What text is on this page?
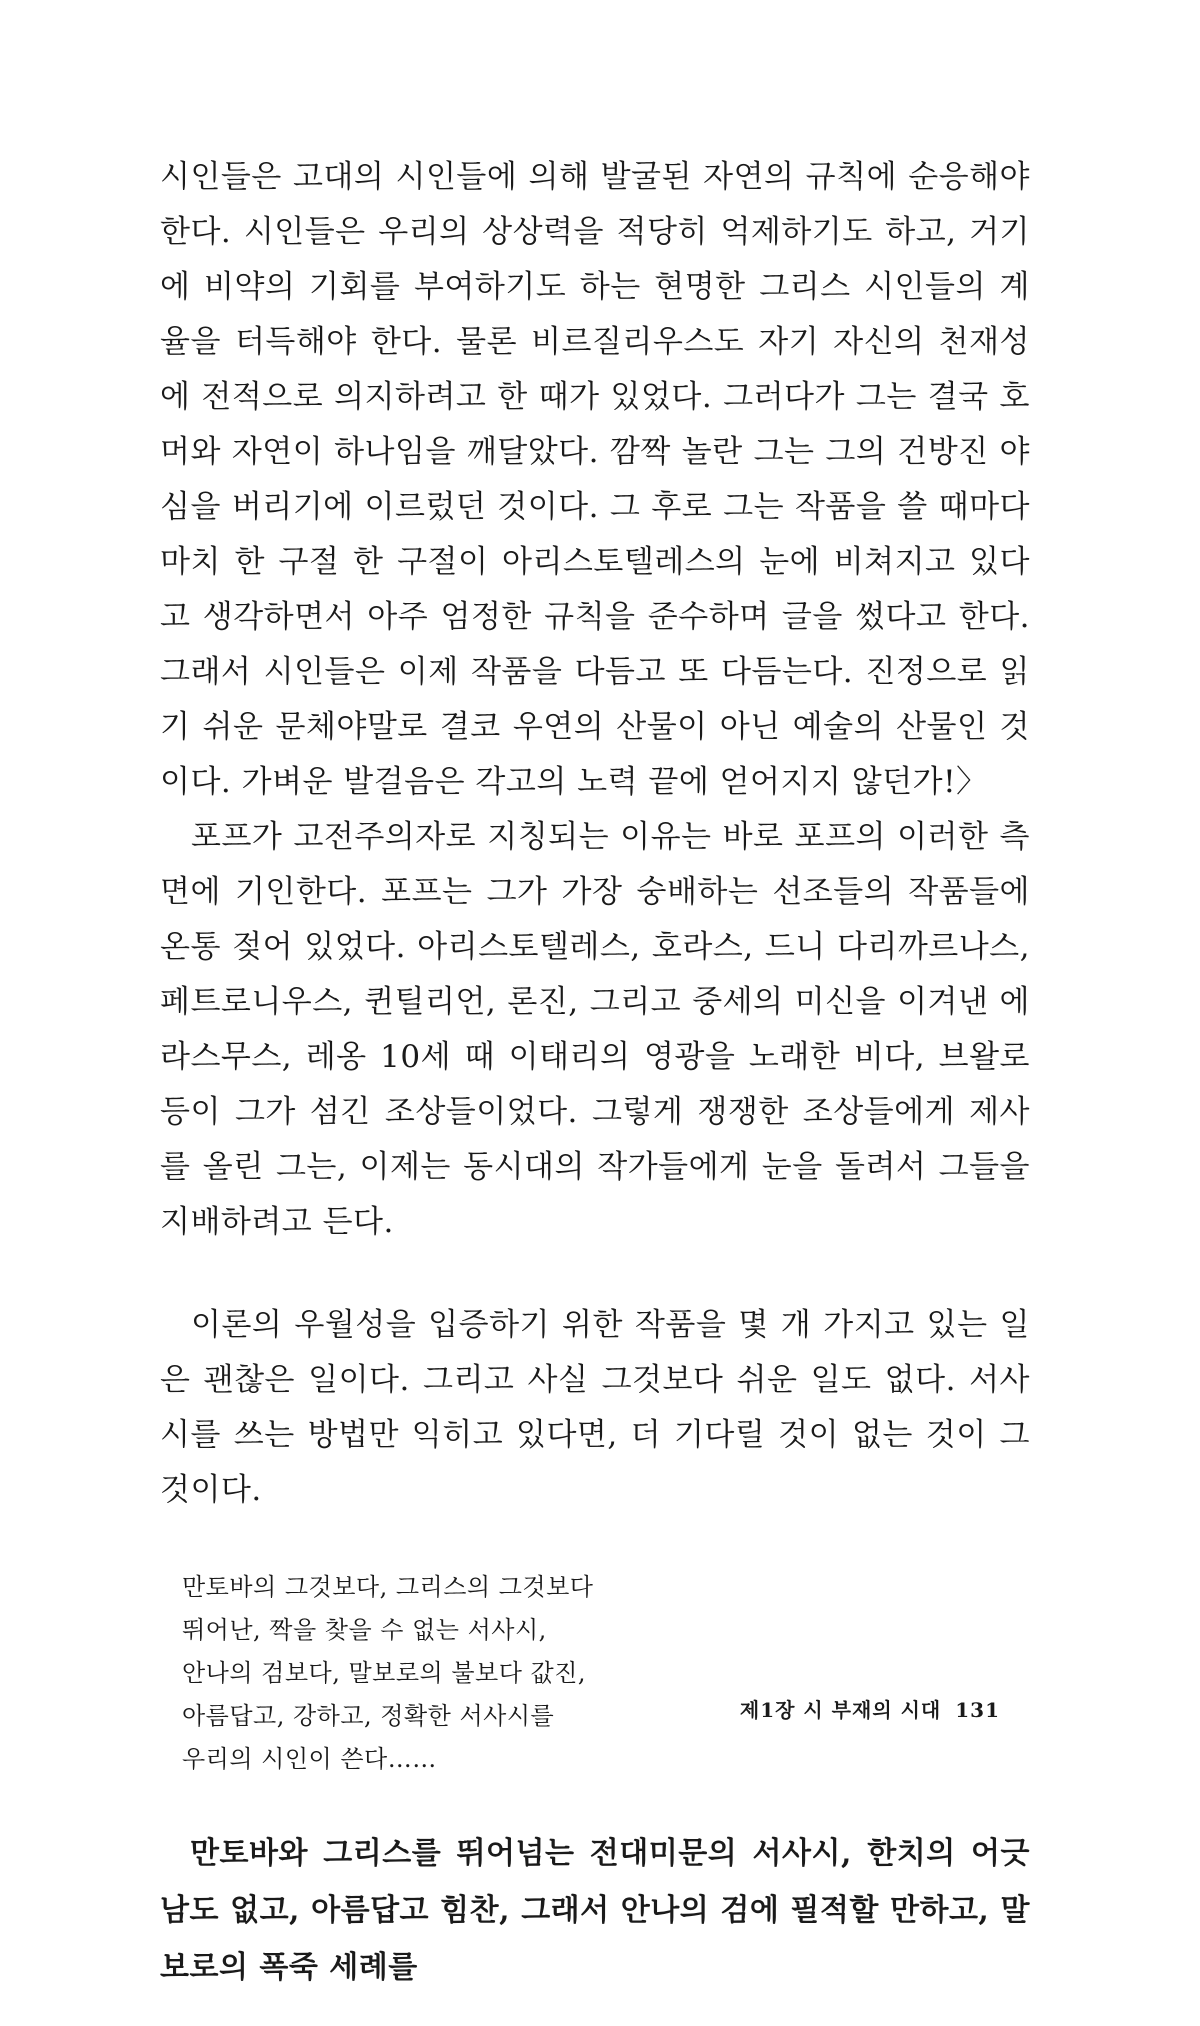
시인들은 고대의 시인들에 의해 발굴된 자연의 규칙에 순응해야 한다. 시인들은 우리의 상상력을 적당히 억제하기도 하고, 거기에 비약의 기회를 부여하기도 하는 현명한 그리스 시인들의 계율을 터득해야 한다. 물론 비르질리우스도 자기 자신의 천재성에 전적으로 의지하려고 한 때가 있었다. 그러다가 그는 결국 호머와 자연이 하나임을 깨달았다. 깜짝 놀란 그는 그의 건방진 야심을 버리기에 이르렀던 것이다. 그 후로 그는 작품을 쓸 때마다 마치 한 구절 한 구절이 아리스토텔레스의 눈에 비쳐지고 있다고 생각하면서 아주 엄정한 규칙을 준수하며 글을 썼다고 한다. 그래서 시인들은 이제 작품을 다듬고 또 다듬는다. 진정으로 읽기 쉬운 문체야말로 결코 우연의 산물이 아닌 예술의 산물인 것이다. 가벼운 발걸음은 각고의 노력 끝에 얻어지지 않던가!〉

포프가 고전주의자로 지칭되는 이유는 바로 포프의 이러한 측면에 기인한다. 포프는 그가 가장 숭배하는 선조들의 작품들에 온통 젖어 있었다. 아리스토텔레스, 호라스, 드니 다리까르나스, 페트로니우스, 퀸틸리언, 론진, 그리고 중세의 미신을 이겨낸 에라스무스, 레옹 10세 때 이태리의 영광을 노래한 비다, 브왈로 등이 그가 섬긴 조상들이었다. 그렇게 쟁쟁한 조상들에게 제사를 올린 그는, 이제는 동시대의 작가들에게 눈을 돌려서 그들을 지배하려고 든다.

이론의 우월성을 입증하기 위한 작품을 몇 개 가지고 있는 일은 괜찮은 일이다. 그리고 사실 그것보다 쉬운 일도 없다. 서사시를 쓰는 방법만 익히고 있다면, 더 기다릴 것이 없는 것이 그것이다.

만토바의 그것보다, 그리스의 그것보다
뛰어난, 짝을 찾을 수 없는 서사시,
안나의 검보다, 말보로의 불보다 값진,
아름답고, 강하고, 정확한 서사시를
우리의 시인이 쓴다……

만토바와 그리스를 뛰어넘는 전대미문의 서사시, 한치의 어긋남도 없고, 아름답고 힘찬, 그래서 안나의 검에 필적할 만하고, 말보로의 폭죽 세례를

제1장 시 부재의 시대 131
